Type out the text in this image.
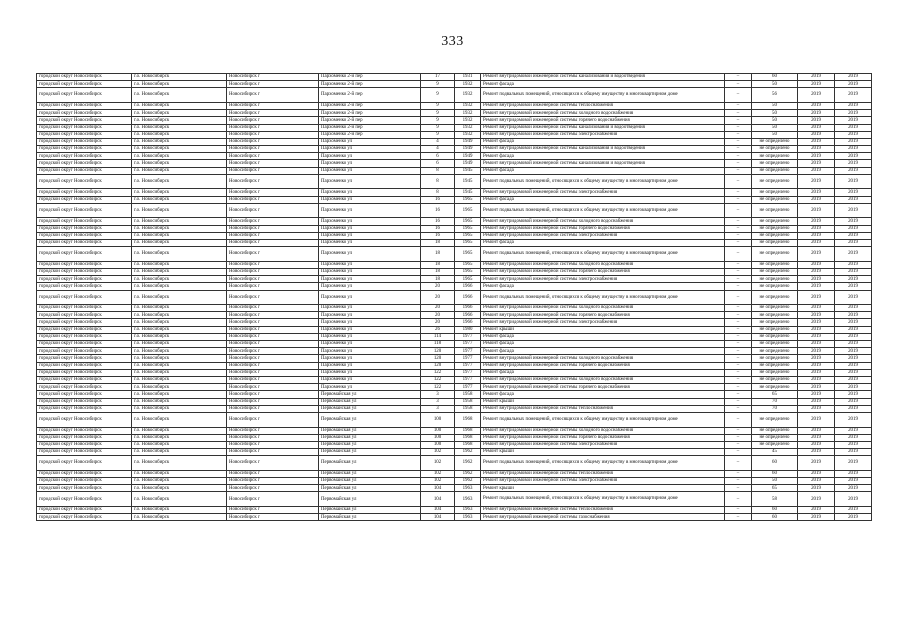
333
городской округ Новосибирск	г.о. Новосибирск	Новосибирск г	Пархоменко 2-й пер	17	1931	Ремонт внутридомовой инженерной системы канализования и водоотведения	–	60	2019	2019
городской округ Новосибирск	г.о. Новосибирск	Новосибирск г	Пархоменко 2-й пер	9	1932	Ремонт фасада	–	50	2019	2019
городской округ Новосибирск	г.о. Новосибирск	Новосибирск г	Пархоменко 2-й пер	9	1932	Ремонт подвальных помещений, относящихся к общему имуществу в многоквартирном доме	–	56	2019	2019
городской округ Новосибирск	г.о. Новосибирск	Новосибирск г	Пархоменко 2-й пер	9	1932	Ремонт внутридомовой инженерной системы теплоснабжения	–	50	2019	2019
городской округ Новосибирск	г.о. Новосибирск	Новосибирск г	Пархоменко 2-й пер	9	1932	Ремонт внутридомовой инженерной системы холодного водоснабжения	–	50	2019	2019
городской округ Новосибирск	г.о. Новосибирск	Новосибирск г	Пархоменко 2-й пер	9	1932	Ремонт внутридомовой инженерной системы горячего водоснабжения	–	50	2019	2019
городской округ Новосибирск	г.о. Новосибирск	Новосибирск г	Пархоменко 2-й пер	9	1932	Ремонт внутридомовой инженерной системы канализования и водоотведения	–	50	2019	2019
городской округ Новосибирск	г.о. Новосибирск	Новосибирск г	Пархоменко 2-й пер	9	1932	Ремонт внутридомовой инженерной системы электроснабжения	–	50	2019	2019
городской округ Новосибирск	г.о. Новосибирск	Новосибирск г	Пархоменко ул	4	1949	Ремонт фасада	–	не определено	2019	2019
городской округ Новосибирск	г.о. Новосибирск	Новосибирск г	Пархоменко ул	4	1949	Ремонт внутридомовой инженерной системы канализования и водоотведения	–	не определено	2019	2019
городской округ Новосибирск	г.о. Новосибирск	Новосибирск г	Пархоменко ул	6	1949	Ремонт фасада	–	не определено	2019	2019
городской округ Новосибирск	г.о. Новосибирск	Новосибирск г	Пархоменко ул	6	1949	Ремонт внутридомовой инженерной системы канализования и водоотведения	–	не определено	2019	2019
городской округ Новосибирск	г.о. Новосибирск	Новосибирск г	Пархоменко ул	8	1945	Ремонт фасада	–	не определено	2019	2019
городской округ Новосибирск	г.о. Новосибирск	Новосибирск г	Пархоменко ул	8	1945	Ремонт подвальных помещений, относящихся к общему имуществу в многоквартирном доме	–	не определено	2019	2019
городской округ Новосибирск	г.о. Новосибирск	Новосибирск г	Пархоменко ул	8	1945	Ремонт внутридомовой инженерной системы электроснабжения	–	не определено	2019	2019
городской округ Новосибирск	г.о. Новосибирск	Новосибирск г	Пархоменко ул	16	1965	Ремонт фасада	–	не определено	2019	2019
городской округ Новосибирск	г.о. Новосибирск	Новосибирск г	Пархоменко ул	16	1965	Ремонт подвальных помещений, относящихся к общему имуществу в многоквартирном доме	–	не определено	2019	2019
городской округ Новосибирск	г.о. Новосибирск	Новосибирск г	Пархоменко ул	16	1965	Ремонт внутридомовой инженерной системы холодного водоснабжения	–	не определено	2019	2019
городской округ Новосибирск	г.о. Новосибирск	Новосибирск г	Пархоменко ул	16	1965	Ремонт внутридомовой инженерной системы горячего водоснабжения	–	не определено	2019	2019
городской округ Новосибирск	г.о. Новосибирск	Новосибирск г	Пархоменко ул	16	1965	Ремонт внутридомовой инженерной системы электроснабжения	–	не определено	2019	2019
городской округ Новосибирск	г.о. Новосибирск	Новосибирск г	Пархоменко ул	18	1965	Ремонт фасада	–	не определено	2019	2019
городской округ Новосибирск	г.о. Новосибирск	Новосибирск г	Пархоменко ул	18	1965	Ремонт подвальных помещений, относящихся к общему имуществу в многоквартирном доме	–	не определено	2019	2019
городской округ Новосибирск	г.о. Новосибирск	Новосибирск г	Пархоменко ул	18	1965	Ремонт внутридомовой инженерной системы холодного водоснабжения	–	не определено	2019	2019
городской округ Новосибирск	г.о. Новосибирск	Новосибирск г	Пархоменко ул	18	1965	Ремонт внутридомовой инженерной системы горячего водоснабжения	–	не определено	2019	2019
городской округ Новосибирск	г.о. Новосибирск	Новосибирск г	Пархоменко ул	18	1965	Ремонт внутридомовой инженерной системы электроснабжения	–	не определено	2019	2019
городской округ Новосибирск	г.о. Новосибирск	Новосибирск г	Пархоменко ул	20	1966	Ремонт фасада	–	не определено	2019	2019
городской округ Новосибирск	г.о. Новосибирск	Новосибирск г	Пархоменко ул	20	1966	Ремонт подвальных помещений, относящихся к общему имуществу в многоквартирном доме	–	не определено	2019	2019
городской округ Новосибирск	г.о. Новосибирск	Новосибирск г	Пархоменко ул	20	1966	Ремонт внутридомовой инженерной системы холодного водоснабжения	–	не определено	2019	2019
городской округ Новосибирск	г.о. Новосибирск	Новосибирск г	Пархоменко ул	20	1966	Ремонт внутридомовой инженерной системы горячего водоснабжения	–	не определено	2019	2019
городской округ Новосибирск	г.о. Новосибирск	Новосибирск г	Пархоменко ул	20	1966	Ремонт внутридомовой инженерной системы электроснабжения	–	не определено	2019	2019
городской округ Новосибирск	г.о. Новосибирск	Новосибирск г	Пархоменко ул	26	1980	Ремонт крыши	–	не определено	2019	2019
городской округ Новосибирск	г.о. Новосибирск	Новосибирск г	Пархоменко ул	114	1977	Ремонт фасада	–	не определено	2019	2019
городской округ Новосибирск	г.о. Новосибирск	Новосибирск г	Пархоменко ул	118	1977	Ремонт фасада	–	не определено	2019	2019
городской округ Новосибирск	г.о. Новосибирск	Новосибирск г	Пархоменко ул	120	1977	Ремонт фасада	–	не определено	2019	2019
городской округ Новосибирск	г.о. Новосибирск	Новосибирск г	Пархоменко ул	120	1977	Ремонт внутридомовой инженерной системы холодного водоснабжения	–	не определено	2019	2019
городской округ Новосибирск	г.о. Новосибирск	Новосибирск г	Пархоменко ул	120	1977	Ремонт внутридомовой инженерной системы горячего водоснабжения	–	не определено	2019	2019
городской округ Новосибирск	г.о. Новосибирск	Новосибирск г	Пархоменко ул	122	1977	Ремонт фасада	–	не определено	2019	2019
городской округ Новосибирск	г.о. Новосибирск	Новосибирск г	Пархоменко ул	122	1977	Ремонт внутридомовой инженерной системы холодного водоснабжения	–	не определено	2019	2019
городской округ Новосибирск	г.о. Новосибирск	Новосибирск г	Пархоменко ул	122	1977	Ремонт внутридомовой инженерной системы горячего водоснабжения	–	не определено	2019	2019
городской округ Новосибирск	г.о. Новосибирск	Новосибирск г	Первомайская ул	3	1958	Ремонт фасада	–	65	2019	2019
городской округ Новосибирск	г.о. Новосибирск	Новосибирск г	Первомайская ул	3	1958	Ремонт крыши	–	70	2019	2019
городской округ Новосибирск	г.о. Новосибирск	Новосибирск г	Первомайская ул	3	1958	Ремонт внутридомовой инженерной системы теплоснабжения	–	70	2019	2019
городской округ Новосибирск	г.о. Новосибирск	Новосибирск г	Первомайская ул	100	1968	Ремонт подвальных помещений, относящихся к общему имуществу в многоквартирном доме	–	не определено	2019	2019
городской округ Новосибирск	г.о. Новосибирск	Новосибирск г	Первомайская ул	100	1968	Ремонт внутридомовой инженерной системы холодного водоснабжения	–	не определено	2019	2019
городской округ Новосибирск	г.о. Новосибирск	Новосибирск г	Первомайская ул	100	1968	Ремонт внутридомовой инженерной системы горячего водоснабжения	–	не определено	2019	2019
городской округ Новосибирск	г.о. Новосибирск	Новосибирск г	Первомайская ул	100	1968	Ремонт внутридомовой инженерной системы электроснабжения	–	не определено	2019	2019
городской округ Новосибирск	г.о. Новосибирск	Новосибирск г	Первомайская ул	102	1962	Ремонт крыши	–	45	2019	2019
городской округ Новосибирск	г.о. Новосибирск	Новосибирск г	Первомайская ул	102	1962	Ремонт подвальных помещений, относящихся к общему имуществу в многоквартирном доме	–	60	2019	2019
городской округ Новосибирск	г.о. Новосибирск	Новосибирск г	Первомайская ул	102	1962	Ремонт внутридомовой инженерной системы теплоснабжения	–	60	2019	2019
городской округ Новосибирск	г.о. Новосибирск	Новосибирск г	Первомайская ул	102	1962	Ремонт внутридомовой инженерной системы электроснабжения	–	50	2019	2019
городской округ Новосибирск	г.о. Новосибирск	Новосибирск г	Первомайская ул	104	1963	Ремонт крыши	–	65	2019	2019
городской округ Новосибирск	г.о. Новосибирск	Новосибирск г	Первомайская ул	104	1963	Ремонт подвальных помещений, относящихся к общему имуществу в многоквартирном доме	–	58	2019	2019
городской округ Новосибирск	г.о. Новосибирск	Новосибирск г	Первомайская ул	104	1963	Ремонт внутридомовой инженерной системы теплоснабжения	–	60	2019	2019
городской округ Новосибирск	г.о. Новосибирск	Новосибирск г	Первомайская ул	104	1963	Ремонт внутридомовой инженерной системы газоснабжения	–	60	2019	2019
